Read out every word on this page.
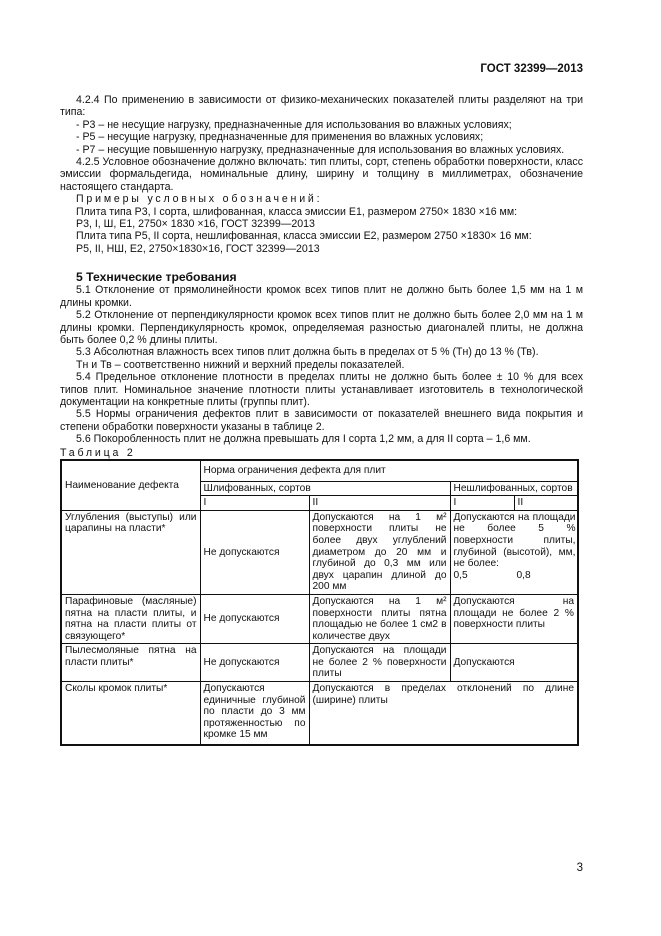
ГОСТ 32399—2013

4.2.4 По применению в зависимости от физико-механических показателей плиты разделяют на три типа:

- Р3 – не несущие нагрузку, предназначенные для использования во влажных условиях;

- Р5 – несущие нагрузку, предназначенные для применения во влажных условиях;

- Р7 – несущие повышенную нагрузку, предназначенные для использования во влажных условиях.

4.2.5 Условное обозначение должно включать: тип плиты, сорт, степень обработки поверхности, класс эмиссии формальдегида, номинальные длину, ширину и толщину в миллиметрах, обозначение настоящего стандарта.

Примеры условных обозначений:

Плита типа Р3, I сорта, шлифованная, класса эмиссии Е1, размером 2750× 1830 ×16 мм:

Р3, I, Ш, Е1, 2750× 1830 ×16, ГОСТ 32399—2013

Плита типа Р5, II сорта, нешлифованная, класса эмиссии Е2, размером 2750 ×1830× 16 мм:

Р5, II, НШ, Е2, 2750×1830×16, ГОСТ 32399—2013

5 Технические требования

5.1 Отклонение от прямолинейности кромок всех типов плит не должно быть более 1,5 мм на 1 м длины кромки.

5.2 Отклонение от перпендикулярности кромок всех типов плит не должно быть более 2,0 мм на 1 м длины кромки. Перпендикулярность кромок, определяемая разностью диагоналей плиты, не должна быть более 0,2 % длины плиты.

5.3 Абсолютная влажность всех типов плит должна быть в пределах от 5 % (Тн) до 13 % (Тв).

Тн и Тв – соответственно нижний и верхний пределы показателей.

5.4 Предельное отклонение плотности в пределах плиты не должно быть более ± 10 % для всех типов плит. Номинальное значение плотности плиты устанавливает изготовитель в технологической документации на конкретные плиты (группы плит).

5.5 Нормы ограничения дефектов плит в зависимости от показателей внешнего вида покрытия и степени обработки поверхности указаны в таблице 2.

5.6 Покоробленность плит не должна превышать для I сорта 1,2 мм, а для II сорта – 1,6 мм.

Таблица 2
Наименование дефекта	Норма ограничения дефекта для плит			
	Шлифованных, сортов		Нешлифованных, сортов	
	I	II	I	II
Углубления (выступы) или царапины на пласти*	Не допускаются	Допускаются на 1 м² поверхности плиты не более двух углублений диаметром до 20 мм и глубиной до 0,3 мм или двух царапин длиной до 200 мм	Допускаются на площади не более 5 % поверхности плиты, глубиной (высотой), мм, не более:
0,5 0,8	

Парафиновые (масляные) пятна на пласти плиты, и пятна на пласти плиты от связующего*	Не допускаются	Допускаются на 1 м² поверхности плиты пятна площадью не более 1 см2 в количестве двух	Допускаются на площади не более 2 % поверхности плиты	
Пылесмоляные пятна на пласти плиты*	Не допускаются	Допускаются на площади не более 2 % поверхности плиты	Допускаются	
Сколы кромок плиты*	Допускаются единичные глубиной по пласти до 3 мм протяженностью по кромке 15 мм	Допускаются в пределах отклонений по длине (ширине) плиты		
3
